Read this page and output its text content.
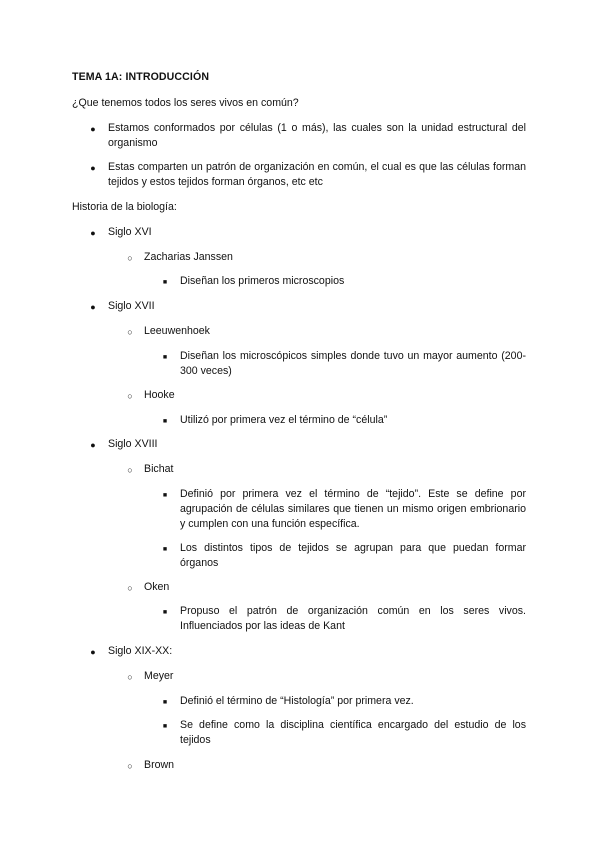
TEMA 1A: INTRODUCCIÓN
¿Que tenemos todos los seres vivos en común?
●	Estamos conformados por células (1 o más), las cuales son la unidad estructural del organismo
●	Estas comparten un patrón de organización en común, el cual es que las células forman tejidos y estos tejidos forman órganos, etc etc
Historia de la biología:
●	Siglo XVI
○	Zacharias Janssen
■	Diseñan los primeros microscopios
●	Siglo XVII
○	Leeuwenhoek
■	Diseñan los microscópicos simples donde tuvo un mayor aumento (200-300 veces)
○	Hooke
■	Utilizó por primera vez el término de “célula”
●	Siglo XVIII
○	Bichat
■	Definió por primera vez el término de “tejido”. Este se define por agrupación de células similares que tienen un mismo origen embrionario y cumplen con una función específica.
■	Los distintos tipos de tejidos se agrupan para que puedan formar órganos
○	Oken
■	Propuso el patrón de organización común en los seres vivos. Influenciados por las ideas de Kant
●	Siglo XIX-XX:
○	Meyer
■	Definió el término de “Histología” por primera vez.
■	Se define como la disciplina científica encargado del estudio de los tejidos
○	Brown
